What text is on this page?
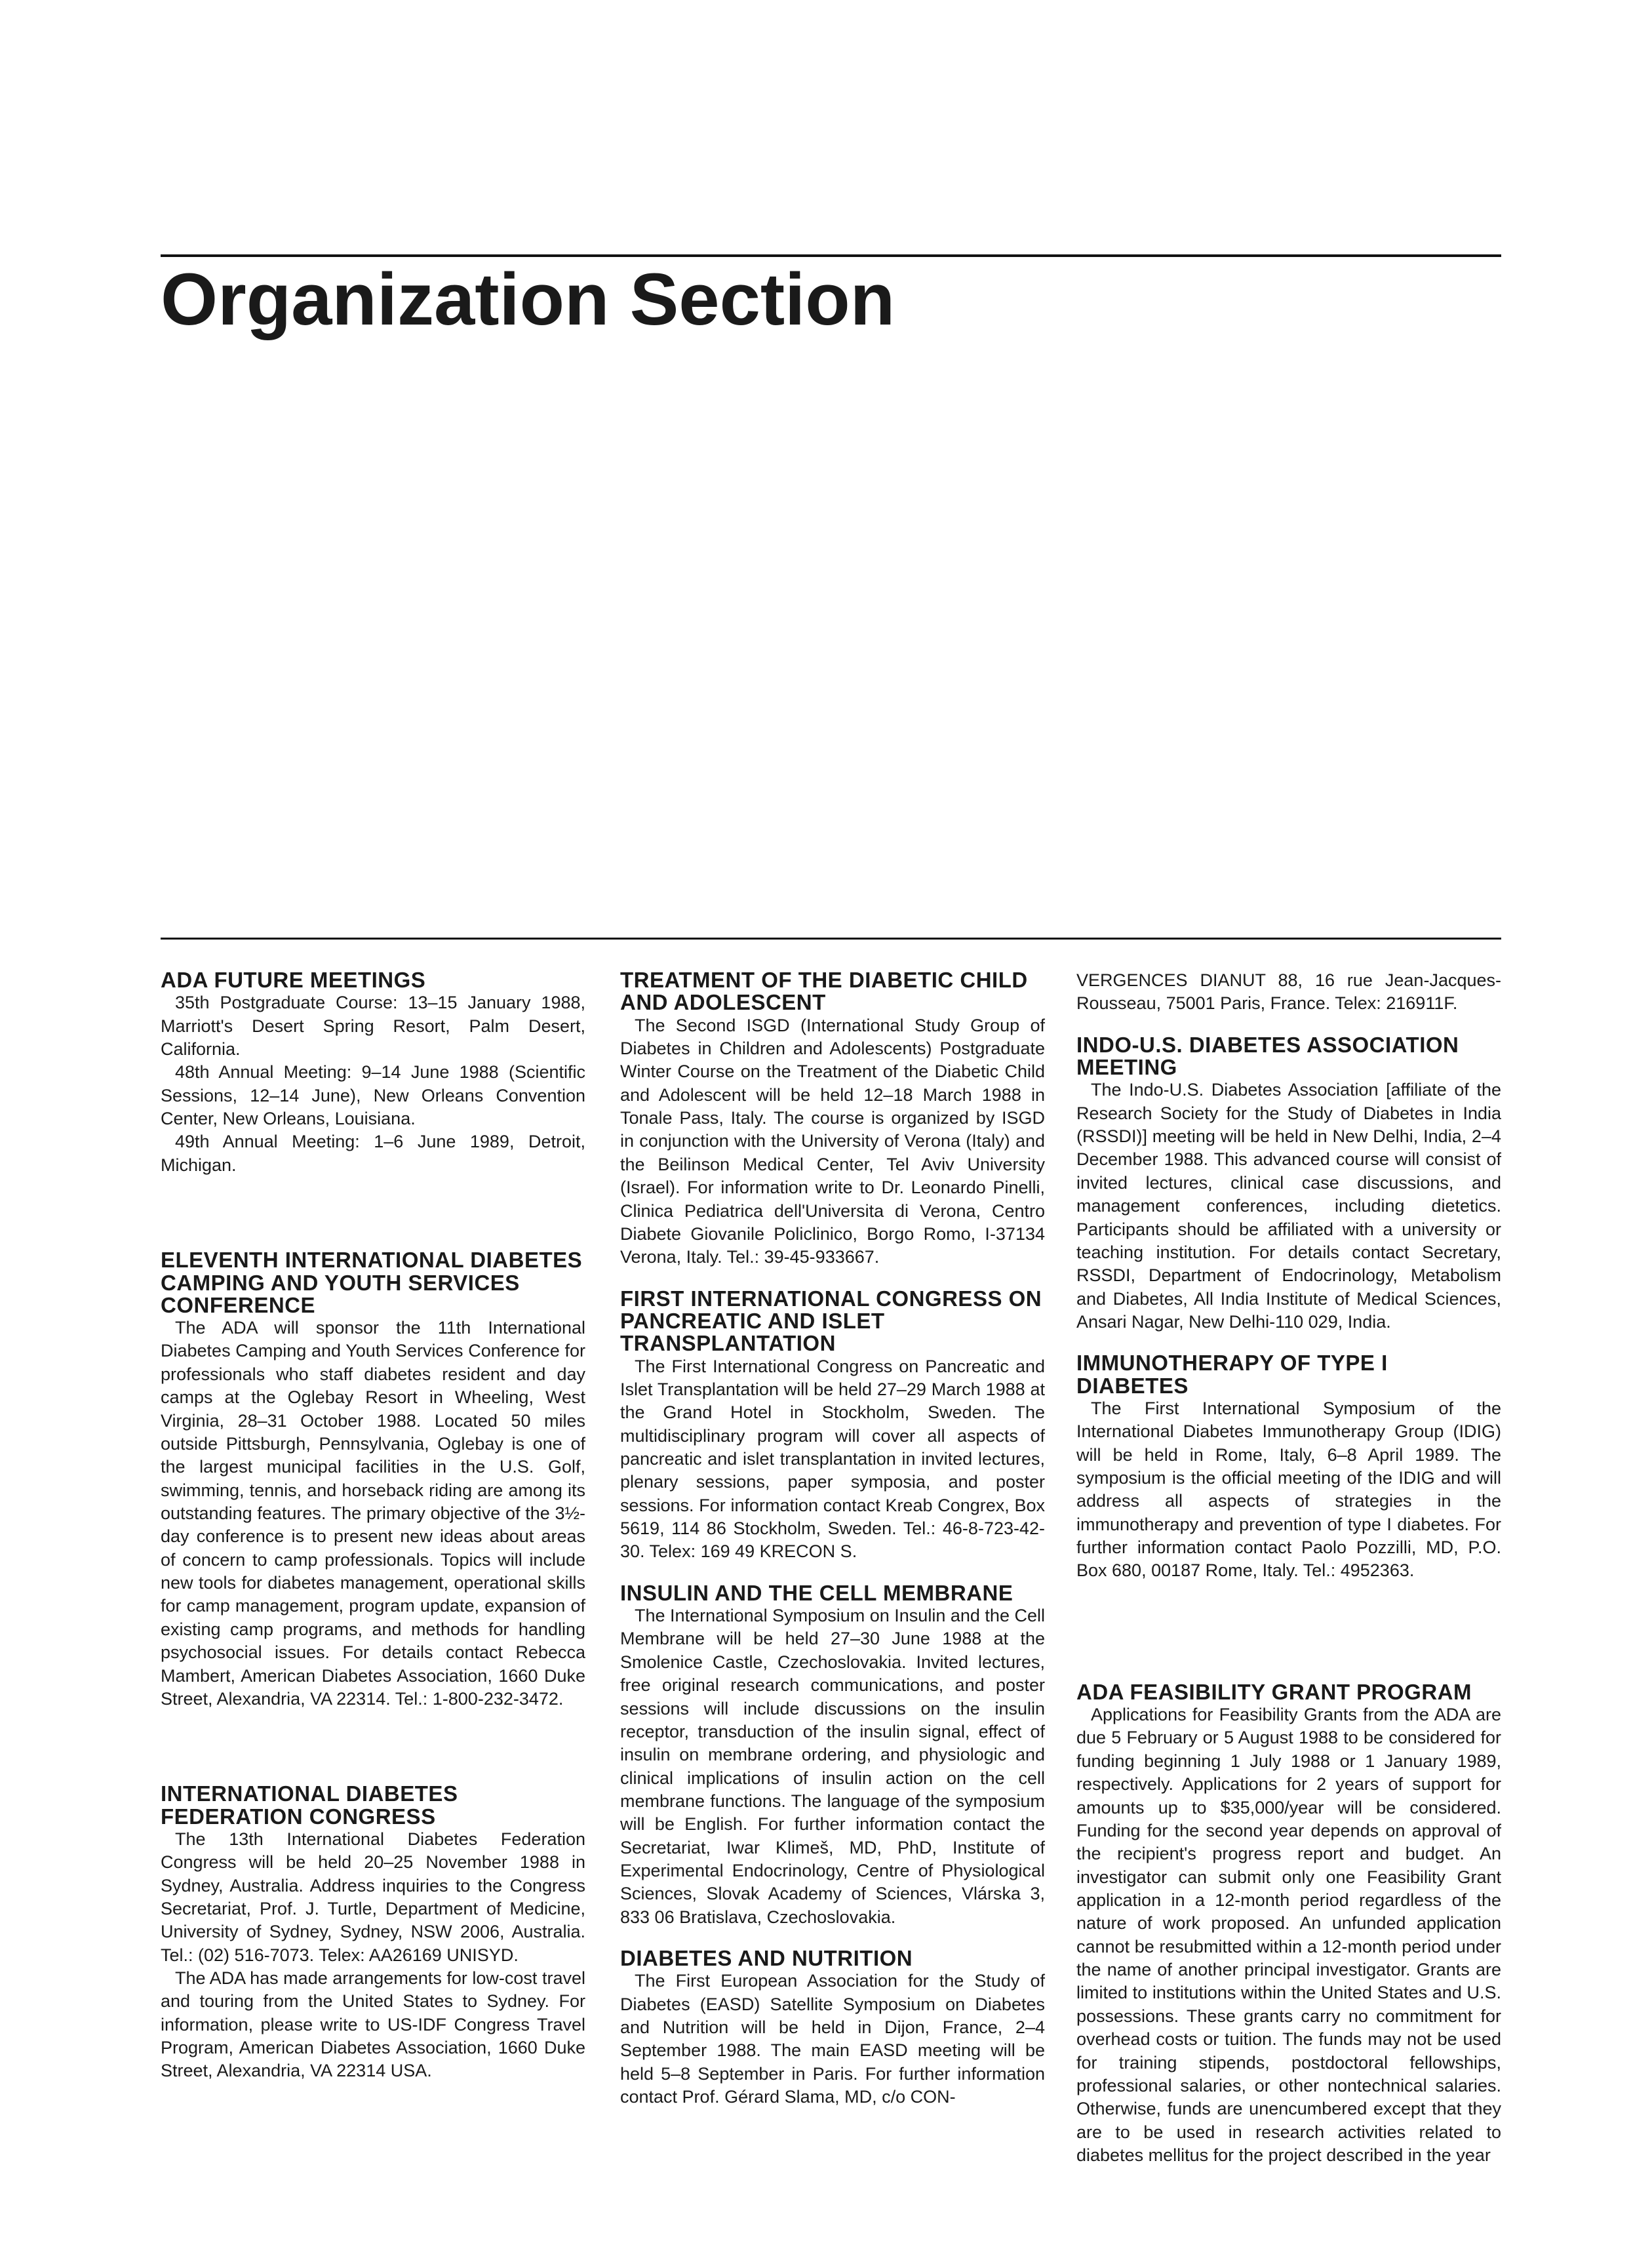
Organization Section
ADA FUTURE MEETINGS

35th Postgraduate Course: 13–15 January 1988, Marriott's Desert Spring Resort, Palm Desert, California.

48th Annual Meeting: 9–14 June 1988 (Scientific Sessions, 12–14 June), New Orleans Convention Center, New Orleans, Louisiana.

49th Annual Meeting: 1–6 June 1989, Detroit, Michigan.

ELEVENTH INTERNATIONAL DIABETES CAMPING AND YOUTH SERVICES CONFERENCE

The ADA will sponsor the 11th International Diabetes Camping and Youth Services Conference for professionals who staff diabetes resident and day camps at the Oglebay Resort in Wheeling, West Virginia, 28–31 October 1988. Located 50 miles outside Pittsburgh, Pennsylvania, Oglebay is one of the largest municipal facilities in the U.S. Golf, swimming, tennis, and horseback riding are among its outstanding features. The primary objective of the 3½-day conference is to present new ideas about areas of concern to camp professionals. Topics will include new tools for diabetes management, operational skills for camp management, program update, expansion of existing camp programs, and methods for handling psychosocial issues. For details contact Rebecca Mambert, American Diabetes Association, 1660 Duke Street, Alexandria, VA 22314. Tel.: 1-800-232-3472.

INTERNATIONAL DIABETES FEDERATION CONGRESS

The 13th International Diabetes Federation Congress will be held 20–25 November 1988 in Sydney, Australia. Address inquiries to the Congress Secretariat, Prof. J. Turtle, Department of Medicine, University of Sydney, Sydney, NSW 2006, Australia. Tel.: (02) 516-7073. Telex: AA26169 UNISYD.

The ADA has made arrangements for low-cost travel and touring from the United States to Sydney. For information, please write to US-IDF Congress Travel Program, American Diabetes Association, 1660 Duke Street, Alexandria, VA 22314 USA.

TREATMENT OF THE DIABETIC CHILD AND ADOLESCENT

The Second ISGD (International Study Group of Diabetes in Children and Adolescents) Postgraduate Winter Course on the Treatment of the Diabetic Child and Adolescent will be held 12–18 March 1988 in Tonale Pass, Italy. The course is organized by ISGD in conjunction with the University of Verona (Italy) and the Beilinson Medical Center, Tel Aviv University (Israel). For information write to Dr. Leonardo Pinelli, Clinica Pediatrica dell'Universita di Verona, Centro Diabete Giovanile Policlinico, Borgo Romo, I-37134 Verona, Italy. Tel.: 39-45-933667.

FIRST INTERNATIONAL CONGRESS ON PANCREATIC AND ISLET TRANSPLANTATION

The First International Congress on Pancreatic and Islet Transplantation will be held 27–29 March 1988 at the Grand Hotel in Stockholm, Sweden. The multidisciplinary program will cover all aspects of pancreatic and islet transplantation in invited lectures, plenary sessions, paper symposia, and poster sessions. For information contact Kreab Congrex, Box 5619, 114 86 Stockholm, Sweden. Tel.: 46-8-723-42-30. Telex: 169 49 KRECON S.

INSULIN AND THE CELL MEMBRANE

The International Symposium on Insulin and the Cell Membrane will be held 27–30 June 1988 at the Smolenice Castle, Czechoslovakia. Invited lectures, free original research communications, and poster sessions will include discussions on the insulin receptor, transduction of the insulin signal, effect of insulin on membrane ordering, and physiologic and clinical implications of insulin action on the cell membrane functions. The language of the symposium will be English. For further information contact the Secretariat, Iwar Klimeš, MD, PhD, Institute of Experimental Endocrinology, Centre of Physiological Sciences, Slovak Academy of Sciences, Vlárska 3, 833 06 Bratislava, Czechoslovakia.

DIABETES AND NUTRITION

The First European Association for the Study of Diabetes (EASD) Satellite Symposium on Diabetes and Nutrition will be held in Dijon, France, 2–4 September 1988. The main EASD meeting will be held 5–8 September in Paris. For further information contact Prof. Gérard Slama, MD, c/o CON-

VERGENCES DIANUT 88, 16 rue Jean-Jacques-Rousseau, 75001 Paris, France. Telex: 216911F.

INDO-U.S. DIABETES ASSOCIATION MEETING

The Indo-U.S. Diabetes Association [affiliate of the Research Society for the Study of Diabetes in India (RSSDI)] meeting will be held in New Delhi, India, 2–4 December 1988. This advanced course will consist of invited lectures, clinical case discussions, and management conferences, including dietetics. Participants should be affiliated with a university or teaching institution. For details contact Secretary, RSSDI, Department of Endocrinology, Metabolism and Diabetes, All India Institute of Medical Sciences, Ansari Nagar, New Delhi-110 029, India.

IMMUNOTHERAPY OF TYPE I DIABETES

The First International Symposium of the International Diabetes Immunotherapy Group (IDIG) will be held in Rome, Italy, 6–8 April 1989. The symposium is the official meeting of the IDIG and will address all aspects of strategies in the immunotherapy and prevention of type I diabetes. For further information contact Paolo Pozzilli, MD, P.O. Box 680, 00187 Rome, Italy. Tel.: 4952363.

ADA FEASIBILITY GRANT PROGRAM

Applications for Feasibility Grants from the ADA are due 5 February or 5 August 1988 to be considered for funding beginning 1 July 1988 or 1 January 1989, respectively. Applications for 2 years of support for amounts up to $35,000/year will be considered. Funding for the second year depends on approval of the recipient's progress report and budget. An investigator can submit only one Feasibility Grant application in a 12-month period regardless of the nature of work proposed. An unfunded application cannot be resubmitted within a 12-month period under the name of another principal investigator. Grants are limited to institutions within the United States and U.S. possessions. These grants carry no commitment for overhead costs or tuition. The funds may not be used for training stipends, postdoctoral fellowships, professional salaries, or other nontechnical salaries. Otherwise, funds are unencumbered except that they are to be used in research activities related to diabetes mellitus for the project described in the year
